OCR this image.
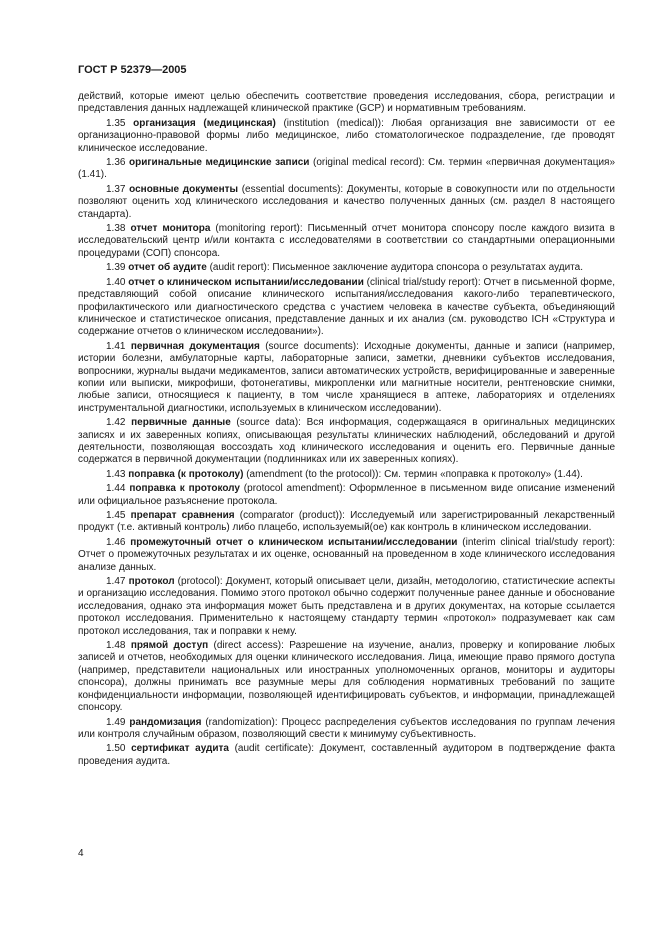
ГОСТ Р 52379—2005

действий, которые имеют целью обеспечить соответствие проведения исследования, сбора, регистрации и представления данных надлежащей клинической практике (GCP) и нормативным требованиям.

1.35 организация (медицинская) (institution (medical)): Любая организация вне зависимости от ее организационно-правовой формы либо медицинское, либо стоматологическое подразделение, где проводят клиническое исследование.

1.36 оригинальные медицинские записи (original medical record): См. термин «первичная документация» (1.41).

1.37 основные документы (essential documents): Документы, которые в совокупности или по отдельности позволяют оценить ход клинического исследования и качество полученных данных (см. раздел 8 настоящего стандарта).

1.38 отчет монитора (monitoring report): Письменный отчет монитора спонсору после каждого визита в исследовательский центр и/или контакта с исследователями в соответствии со стандартными операционными процедурами (СОП) спонсора.

1.39 отчет об аудите (audit report): Письменное заключение аудитора спонсора о результатах аудита.

1.40 отчет о клиническом испытании/исследовании (clinical trial/study report): Отчет в письменной форме, представляющий собой описание клинического испытания/исследования какого-либо терапевтического, профилактического или диагностического средства с участием человека в качестве субъекта, объединяющий клиническое и статистическое описания, представление данных и их анализ (см. руководство ICH «Структура и содержание отчетов о клиническом исследовании»).

1.41 первичная документация (source documents): Исходные документы, данные и записи (например, истории болезни, амбулаторные карты, лабораторные записи, заметки, дневники субъектов исследования, вопросники, журналы выдачи медикаментов, записи автоматических устройств, верифицированные и заверенные копии или выписки, микрофиши, фотонегативы, микропленки или магнитные носители, рентгеновские снимки, любые записи, относящиеся к пациенту, в том числе хранящиеся в аптеке, лабораториях и отделениях инструментальной диагностики, используемых в клиническом исследовании).

1.42 первичные данные (source data): Вся информация, содержащаяся в оригинальных медицинских записях и их заверенных копиях, описывающая результаты клинических наблюдений, обследований и другой деятельности, позволяющая воссоздать ход клинического исследования и оценить его. Первичные данные содержатся в первичной документации (подлинниках или их заверенных копиях).

1.43 поправка (к протоколу) (amendment (to the protocol)): См. термин «поправка к протоколу» (1.44).

1.44 поправка к протоколу (protocol amendment): Оформленное в письменном виде описание изменений или официальное разъяснение протокола.

1.45 препарат сравнения (comparator (product)): Исследуемый или зарегистрированный лекарственный продукт (т.е. активный контроль) либо плацебо, используемый(ое) как контроль в клиническом исследовании.

1.46 промежуточный отчет о клиническом испытании/исследовании (interim clinical trial/study report): Отчет о промежуточных результатах и их оценке, основанный на проведенном в ходе клинического исследования анализе данных.

1.47 протокол (protocol): Документ, который описывает цели, дизайн, методологию, статистические аспекты и организацию исследования. Помимо этого протокол обычно содержит полученные ранее данные и обоснование исследования, однако эта информация может быть представлена и в других документах, на которые ссылается протокол исследования. Применительно к настоящему стандарту термин «протокол» подразумевает как сам протокол исследования, так и поправки к нему.

1.48 прямой доступ (direct access): Разрешение на изучение, анализ, проверку и копирование любых записей и отчетов, необходимых для оценки клинического исследования. Лица, имеющие право прямого доступа (например, представители национальных или иностранных уполномоченных органов, мониторы и аудиторы спонсора), должны принимать все разумные меры для соблюдения нормативных требований по защите конфиденциальности информации, позволяющей идентифицировать субъектов, и информации, принадлежащей спонсору.

1.49 рандомизация (randomization): Процесс распределения субъектов исследования по группам лечения или контроля случайным образом, позволяющий свести к минимуму субъективность.

1.50 сертификат аудита (audit certificate): Документ, составленный аудитором в подтверждение факта проведения аудита.

4
